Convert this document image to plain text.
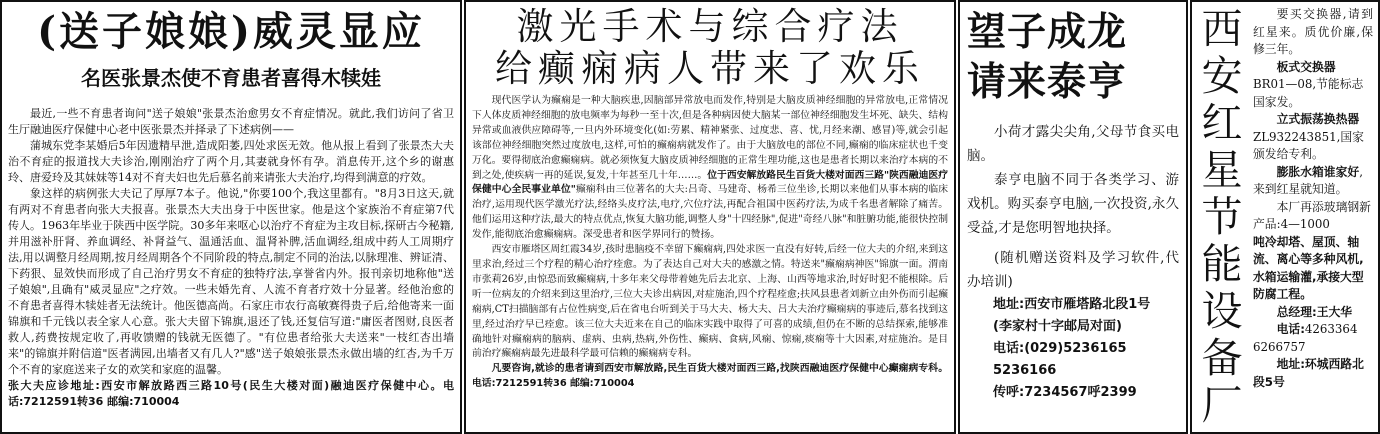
(送子娘娘)威灵显应
名医张景杰使不育患者喜得木犊娃

最近,一些不育患者询问"送子娘娘"张景杰治愈男女不育症情况。就此,我们访问了省卫生厅融迪医疗保健中心老中医张景杰并择录了下述病例——

蒲城东党李某婚后5年因遗精早泄,造成阳萎,四处求医无效。他从报上看到了张景杰大夫治不育症的报道找大夫诊治,刚刚治疗了两个月,其妻就身怀有孕。消息传开,这个乡的谢惠玲、唐爱玲及其妹妹等14对不育夫妇也先后慕名前来请张大夫治疗,均得到满意的疗效。

象这样的病例张大夫记了厚厚7本子。他说,"你要100个,我这里都有。"8月3日这天,就有两对不育患者向张大夫报喜。张景杰大夫出身于中医世家。他是这个家族治不育症第7代传人。1963年毕业于陕西中医学院。30多年来呕心以治疗不育症为主攻目标,探研古今秘籍,并用滋补肝肾、养血调经、补肾益气、温通活血、温肾补脾,活血调经,组成中药人工周期疗法,用以调整月经周期,按月经周期各个不同阶段的特点,制定不同的治法,以脉理准、辨证清、下药狠、显效快而形成了自己治疗男女不育症的独特疗法,享誉省内外。报刊亲切地称他"送子娘娘",且确有"威灵显应"之疗效。一些未婚先育、人流不育者疗效十分显著。经他治愈的不育患者喜得木犊娃者无法统计。他医德高尚。石家庄市农行高敏赛得贵子后,给他寄来一面锦旗和千元钱以表全家人心意。张大夫留下锦旗,退还了钱,还复信写道:"庸医者图财,良医者救人,药费按规定收了,再收馈赠的钱就无医德了。"有位患者给张大夫送来"一枝红杏出墙来"的锦旗并附信道"医者满园,出墙者又有几人?"感"送子娘娘张景杰永做出墙的红杏,为千万个不育的家庭送来子女的欢笑和家庭的温馨。

张大夫应诊地址:西安市解放路西三路10号(民生大楼对面)融迪医疗保健中心。电话:7212591转36 邮编:710004

激光手术与综合疗法
给癫痫病人带来了欢乐

现代医学认为癫痫是一种大脑疾患,因脑部异常放电而发作,特别是大脑皮质神经细胞的异常放电,正常情况下人体皮质神经细胞的放电频率为每秒一至十次,但是各种病因使大脑某一部位神经细胞发生坏死、缺失、结构异常或血液供应障碍等,一旦内外环境变化(如:劳累、精神紧张、过度悲、喜、忧,月经来潮、感冒)等,就会引起该部位神经细胞突然过度放电,这样,可怕的癫痫病就发作了。由于大脑放电的部位不同,癫痫的临床症状也千变万化。要得彻底治愈癫痫病。就必须恢复大脑皮质神经细胞的正常生理功能,这也是患者长期以来治疗本病的不到之处,使疾病一再的延误,复发,十年甚至几十年……。位于西安解放路民生百货大楼对面西三路"陕西融迪医疗保健中心全民事业单位"癫痫科由三位著名的大夫:吕奇、马建奇、杨希三位坐诊,长期以来他们从事本病的临床治疗,运用现代医学激光疗法,经络头皮疗法,电疗,穴位疗法,再配合祖国中医药疗法,为成千名患者解除了痛苦。他们运用这种疗法,最大的特点优点,恢复大脑功能,调整人身"十四经脉",促进"奇经八脉"和脏腑功能,能很快控制发作,能彻底治愈癫痫病。深受患者和医学界同行的赞扬。

西安市雁塔区周红霞34岁,孩时患脑疫不幸留下癫痫病,四处求医一直没有好转,后经一位大夫的介绍,来到这里求治,经过三个疗程的精心治疗痊愈。为了表达自己对大夫的感激之情。特送来"癫痫病神医"锦旗一面。渭南市张莉26岁,由惊恐而致癫痫病,十多年来父母带着她先后去北京、上海、山西等地求治,时好时犯不能根除。后听一位病友的介绍来到这里治疗,三位大夫诊出病因,对症施治,四个疗程痊愈;扶风县患者刘新立由外伤而引起癫痫病,CT扫描脑部有占位性病变,后在省电台听到关于马大夫、杨大夫、吕大夫治疗癫痫病的事迹后,慕名找到这里,经过治疗早已痊愈。该三位大夫近来在自己的临床实践中取得了可喜的成绩,但仍在不断的总结探索,能够准确地针对癫痫病的脑病、虚病、虫病,热病,外伤性、癫病、食病,风痫、惊痫,痰痫等十大因素,对症施治。是目前治疗癫痫病最先进最科学最可信赖的癫痫病专科。

凡要咨询,就诊的患者请到西安市解放路,民生百货大楼对面西三路,找陕西融迪医疗保健中心癫痫病专科。电话:7212591转36 邮编:710004

望子成龙
请来泰亨

小荷才露尖尖角,父母节食买电脑。

泰亨电脑不同于各类学习、游戏机。购买泰亨电脑,一次投资,永久受益,才是您明智地抉择。

(随机赠送资料及学习软件,代办培训)

地址:西安市雁塔路北段1号
(李家村十字邮局对面)
电话:(029)5236165 5236166
传呼:7234567呼2399
西
安
红
星
节
能
设
备
厂

要买交换器,请到红星来。质优价廉,保修三年。

板式交换器
BR01—08,节能标志国家发。
立式振荡换热器
ZL932243851,国家颁发给专利。
膨胀水箱谁家好,来到红星就知道。
本厂再添玻璃钢新产品:4—1000
吨冷却塔、屋顶、轴流、离心等多种风机,水箱运输灌,承接大型防腐工程。
总经理:王大华
电话:4263364 6266757
地址:环城西路北段5号
